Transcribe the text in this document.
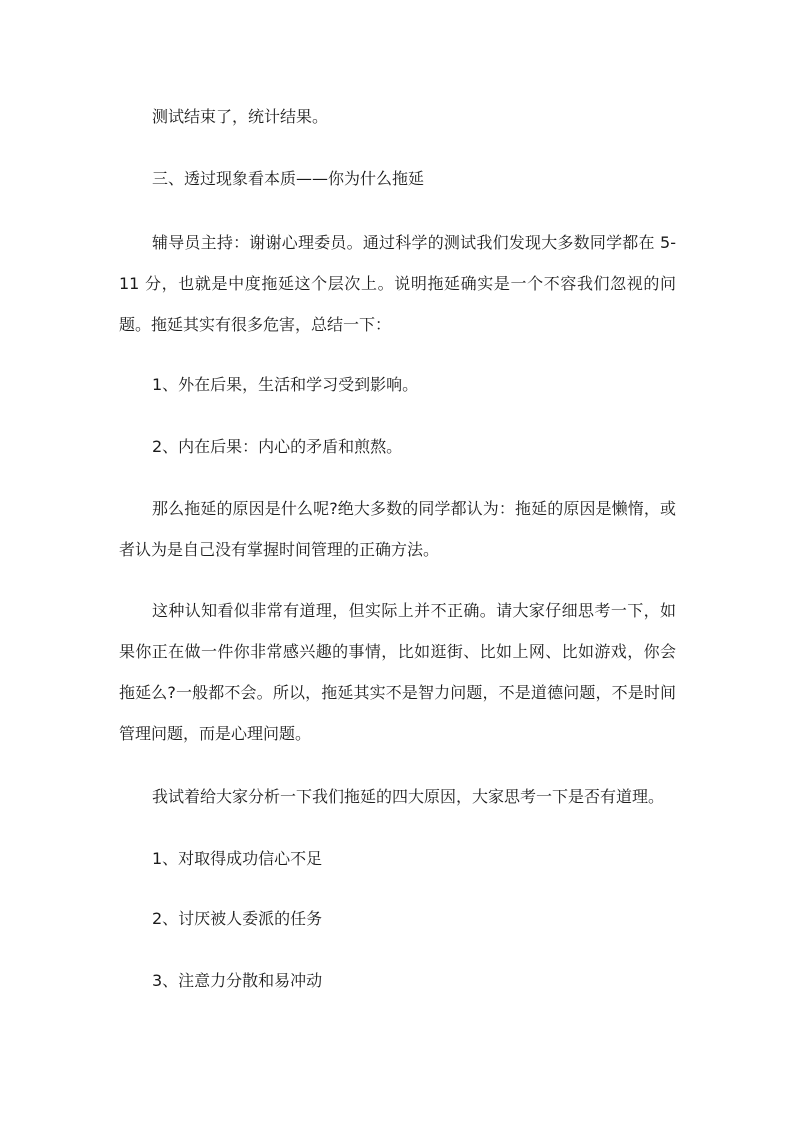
测试结束了，统计结果。

三、透过现象看本质——你为什么拖延

辅导员主持：谢谢心理委员。通过科学的测试我们发现大多数同学都在 5-11 分，也就是中度拖延这个层次上。说明拖延确实是一个不容我们忽视的问题。拖延其实有很多危害，总结一下：

1、外在后果，生活和学习受到影响。

2、内在后果：内心的矛盾和煎熬。

那么拖延的原因是什么呢?绝大多数的同学都认为：拖延的原因是懒惰，或者认为是自己没有掌握时间管理的正确方法。

这种认知看似非常有道理，但实际上并不正确。请大家仔细思考一下，如果你正在做一件你非常感兴趣的事情，比如逛街、比如上网、比如游戏，你会拖延么?一般都不会。所以，拖延其实不是智力问题，不是道德问题，不是时间管理问题，而是心理问题。

我试着给大家分析一下我们拖延的四大原因，大家思考一下是否有道理。

1、对取得成功信心不足

2、讨厌被人委派的任务

3、注意力分散和易冲动
